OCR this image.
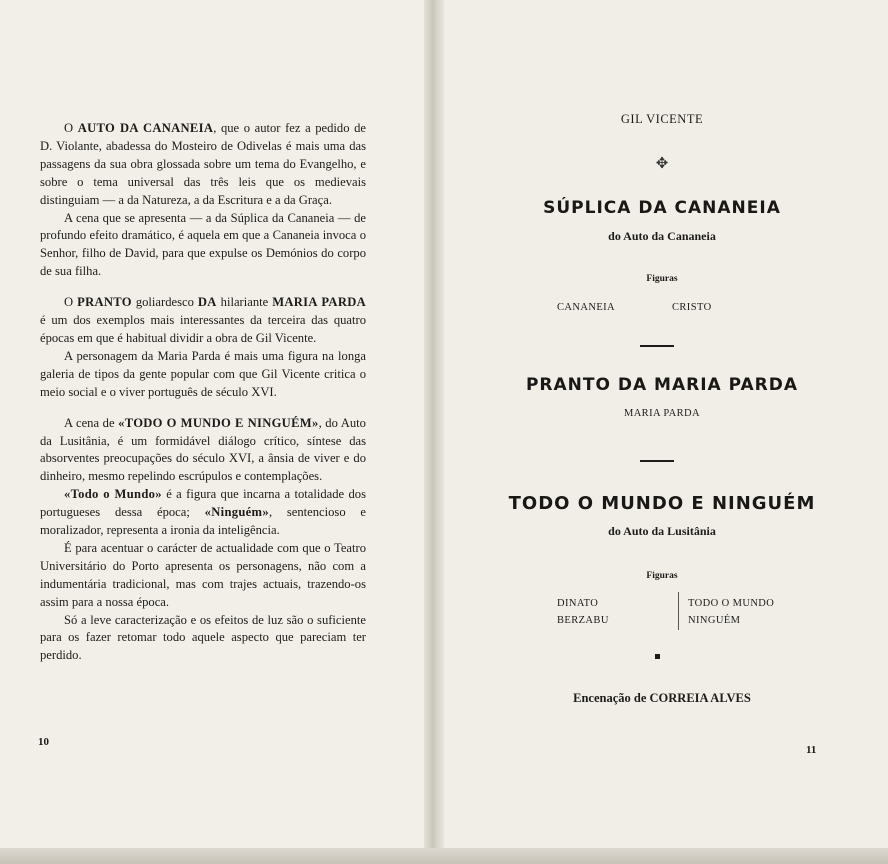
O AUTO DA CANANEIA, que o autor fez a pedido de D. Violante, abadessa do Mosteiro de Odivelas é mais uma das passagens da sua obra glossada sobre um tema do Evangelho, e sobre o tema universal das três leis que os medievais distinguiam — a da Natureza, a da Escritura e a da Graça.

A cena que se apresenta — a da Súplica da Cananeia — de profundo efeito dramático, é aquela em que a Cananeia invoca o Senhor, filho de David, para que expulse os Demónios do corpo de sua filha.

O PRANTO goliardesco DA hilariante MARIA PARDA é um dos exemplos mais interessantes da terceira das quatro épocas em que é habitual dividir a obra de Gil Vicente.

A personagem da Maria Parda é mais uma figura na longa galeria de tipos da gente popular com que Gil Vicente critica o meio social e o viver português de século XVI.

A cena de «TODO O MUNDO E NINGUÉM», do Auto da Lusitânia, é um formidável diálogo crítico, síntese das absorventes preocupações do século XVI, a ânsia de viver e do dinheiro, mesmo repelindo escrúpulos e contemplações.

«Todo o Mundo» é a figura que incarna a totalidade dos portugueses dessa época; «Ninguém», sentencioso e moralizador, representa a ironia da inteligência.

É para acentuar o carácter de actualidade com que o Teatro Universitário do Porto apresenta os personagens, não com a indumentária tradicional, mas com trajes actuais, trazendo-os assim para a nossa época.

Só a leve caracterização e os efeitos de luz são o suficiente para os fazer retomar todo aquele aspecto que pareciam ter perdido.

10
GIL VICENTE
✥
SÚPLICA DA CANANEIA
do Auto da Cananeia
Figuras
CANANEIA	CRISTO
PRANTO DA MARIA PARDA
MARIA PARDA
TODO O MUNDO E NINGUÉM
do Auto da Lusitânia
Figuras
DINATO
BERZABU
TODO O MUNDO
NINGUÉM
Encenação de CORREIA ALVES
11
